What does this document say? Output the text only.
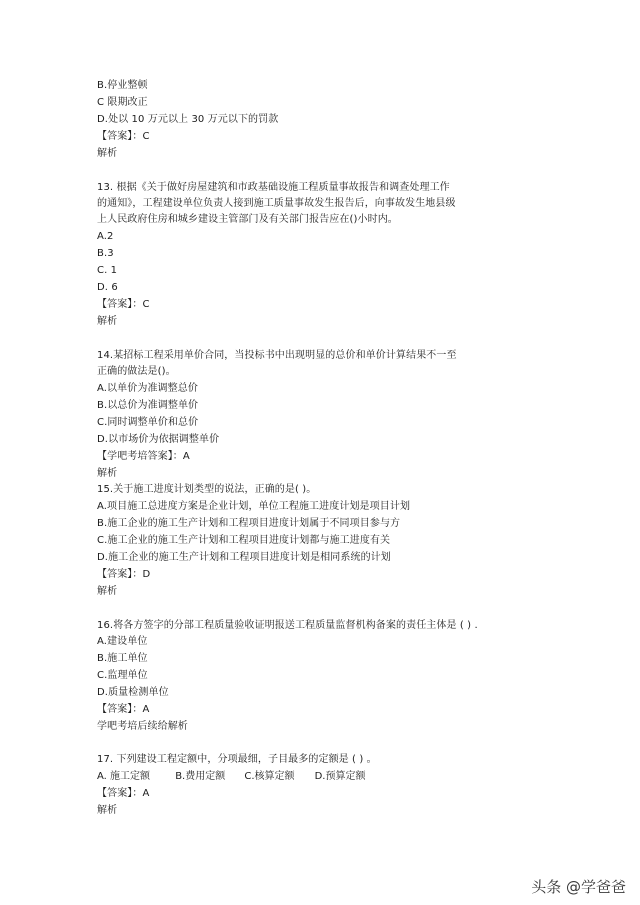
B.停业整顿
C 限期改正
D.处以 10 万元以上 30 万元以下的罚款
【答案】：C
解析
13. 根据《关于做好房屋建筑和市政基础设施工程质量事故报告和调查处理工作
的通知》，工程建设单位负责人接到施工质量事故发生报告后，向事故发生地县级
上人民政府住房和城乡建设主管部门及有关部门报告应在()小时内。
A.2
B.3
C. 1
D. 6
【答案】：C
解析
14.某招标工程采用单价合同，当投标书中出现明显的总价和单价计算结果不一至
正确的做法是()。
A.以单价为准调整总价
B.以总价为准调整单价
C.同时调整单价和总价
D.以市场价为依据调整单价
【学吧考培答案】：A
解析
15.关于施工进度计划类型的说法，正确的是( )。
A.项目施工总进度方案是企业计划，单位工程施工进度计划是项目计划
B.施工企业的施工生产计划和工程项目进度计划属于不同项目参与方
C.施工企业的施工生产计划和工程项目进度计划都与施工进度有关
D.施工企业的施工生产计划和工程项目进度计划是相同系统的计划
【答案】：D
解析
16.将各方签字的分部工程质量验收证明报送工程质量监督机构备案的责任主体是 ( ) .
A.建设单位
B.施工单位
C.监理单位
D.质量检测单位
【答案】：A
学吧考培后续给解析
17. 下列建设工程定额中，分项最细，子目最多的定额是 ( ) 。
A. 施工定额	B.费用定额 C.核算定额 D.预算定额
【答案】：A
解析
头条 @学爸爸
